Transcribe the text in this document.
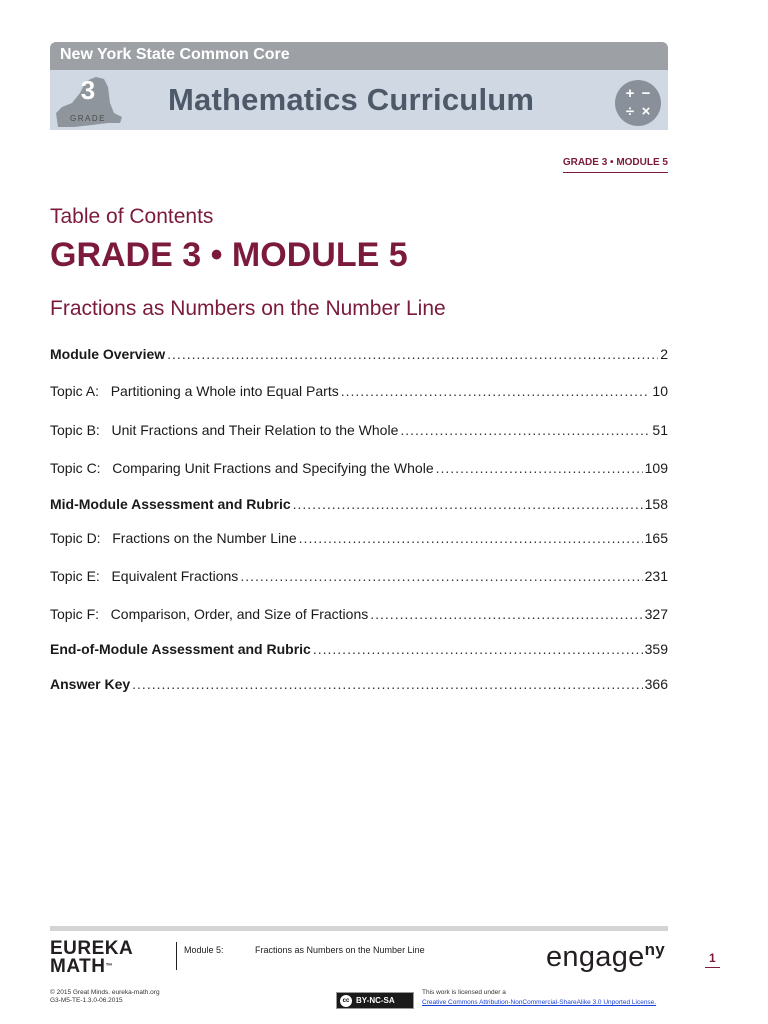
New York State Common Core
3
GRADE
Mathematics Curriculum	+ −
÷ ×
GRADE 3 • MODULE 5
Table of Contents
GRADE 3 • MODULE 5
Fractions as Numbers on the Number Line
Module Overview .....	2
Topic A:   Partitioning a Whole into Equal Parts .....	10
Topic B:   Unit Fractions and Their Relation to the Whole .....	51
Topic C:   Comparing Unit Fractions and Specifying the Whole .....	109
Mid-Module Assessment and Rubric .....	158
Topic D:   Fractions on the Number Line .....	165
Topic E:   Equivalent Fractions .....	231
Topic F:   Comparison, Order, and Size of Fractions .....	327
End-of-Module Assessment and Rubric .....	359
Answer Key .....	366
EUREKA
MATH™
Module 5:	Fractions as Numbers on the Number Line	engage$^{ny}$	1
© 2015 Great Minds. eureka-math.org
G3-M5-TE-1.3.0-06.2015	cc BY-NC-SA
This work is licensed under a
Creative Commons Attribution-NonCommercial-ShareAlike 3.0 Unported License.
